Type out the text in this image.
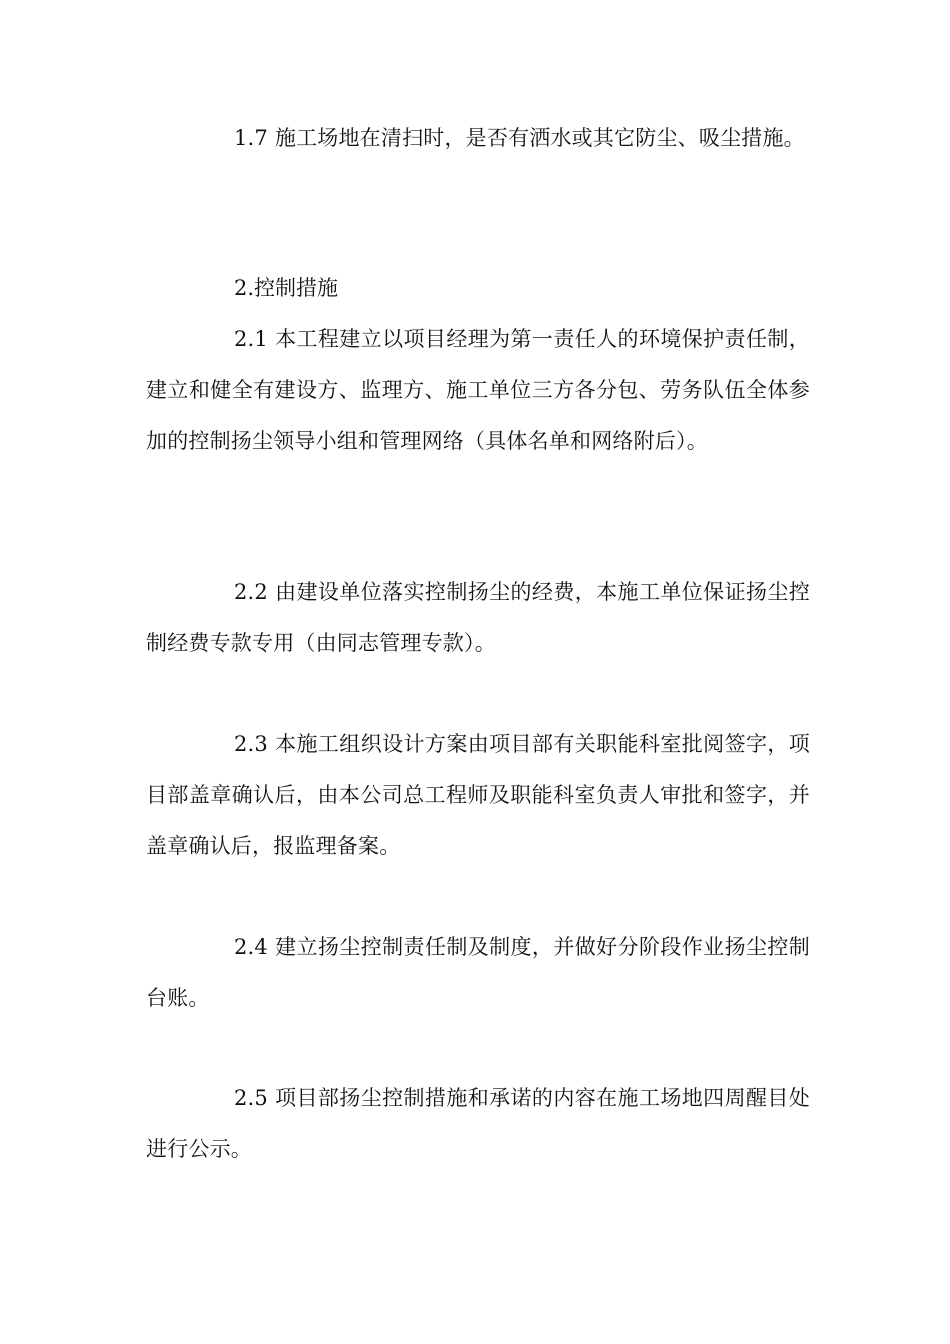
1.7 施工场地在清扫时，是否有洒水或其它防尘、吸尘措施。

2.控制措施

2.1 本工程建立以项目经理为第一责任人的环境保护责任制，建立和健全有建设方、监理方、施工单位三方各分包、劳务队伍全体参加的控制扬尘领导小组和管理网络（具体名单和网络附后）。

2.2 由建设单位落实控制扬尘的经费，本施工单位保证扬尘控制经费专款专用（由同志管理专款）。

2.3 本施工组织设计方案由项目部有关职能科室批阅签字，项目部盖章确认后，由本公司总工程师及职能科室负责人审批和签字，并盖章确认后，报监理备案。

2.4 建立扬尘控制责任制及制度，并做好分阶段作业扬尘控制台账。

2.5 项目部扬尘控制措施和承诺的内容在施工场地四周醒目处进行公示。
